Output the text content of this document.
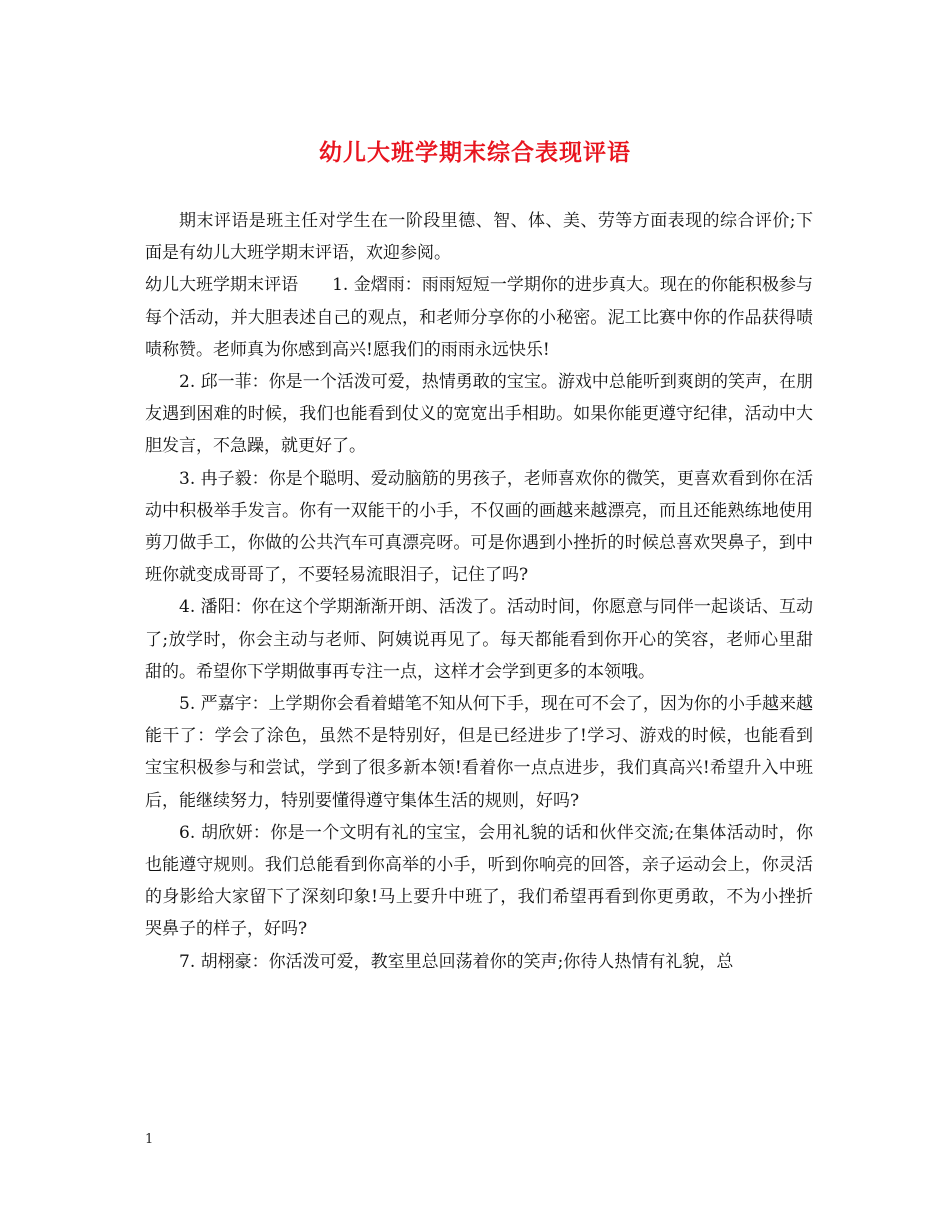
幼儿大班学期末综合表现评语

期末评语是班主任对学生在一阶段里德、智、体、美、劳等方面表现的综合评价;下面是有幼儿大班学期末评语，欢迎参阅。

幼儿大班学期末评语　　1. 金熠雨：雨雨短短一学期你的进步真大。现在的你能积极参与每个活动，并大胆表述自己的观点，和老师分享你的小秘密。泥工比赛中你的作品获得啧啧称赞。老师真为你感到高兴!愿我们的雨雨永远快乐!

2. 邱一菲：你是一个活泼可爱，热情勇敢的宝宝。游戏中总能听到爽朗的笑声，在朋友遇到困难的时候，我们也能看到仗义的宽宽出手相助。如果你能更遵守纪律，活动中大胆发言，不急躁，就更好了。

3. 冉子毅：你是个聪明、爱动脑筋的男孩子，老师喜欢你的微笑，更喜欢看到你在活动中积极举手发言。你有一双能干的小手，不仅画的画越来越漂亮，而且还能熟练地使用剪刀做手工，你做的公共汽车可真漂亮呀。可是你遇到小挫折的时候总喜欢哭鼻子，到中班你就变成哥哥了，不要轻易流眼泪子，记住了吗?

4. 潘阳：你在这个学期渐渐开朗、活泼了。活动时间，你愿意与同伴一起谈话、互动了;放学时，你会主动与老师、阿姨说再见了。每天都能看到你开心的笑容，老师心里甜甜的。希望你下学期做事再专注一点，这样才会学到更多的本领哦。

5. 严嘉宇：上学期你会看着蜡笔不知从何下手，现在可不会了，因为你的小手越来越能干了：学会了涂色，虽然不是特别好，但是已经进步了!学习、游戏的时候，也能看到宝宝积极参与和尝试，学到了很多新本领!看着你一点点进步，我们真高兴!希望升入中班后，能继续努力，特别要懂得遵守集体生活的规则，好吗?

6. 胡欣妍：你是一个文明有礼的宝宝，会用礼貌的话和伙伴交流;在集体活动时，你也能遵守规则。我们总能看到你高举的小手，听到你响亮的回答，亲子运动会上，你灵活的身影给大家留下了深刻印象!马上要升中班了，我们希望再看到你更勇敢，不为小挫折哭鼻子的样子，好吗?

7. 胡栩豪：你活泼可爱，教室里总回荡着你的笑声;你待人热情有礼貌，总

1
